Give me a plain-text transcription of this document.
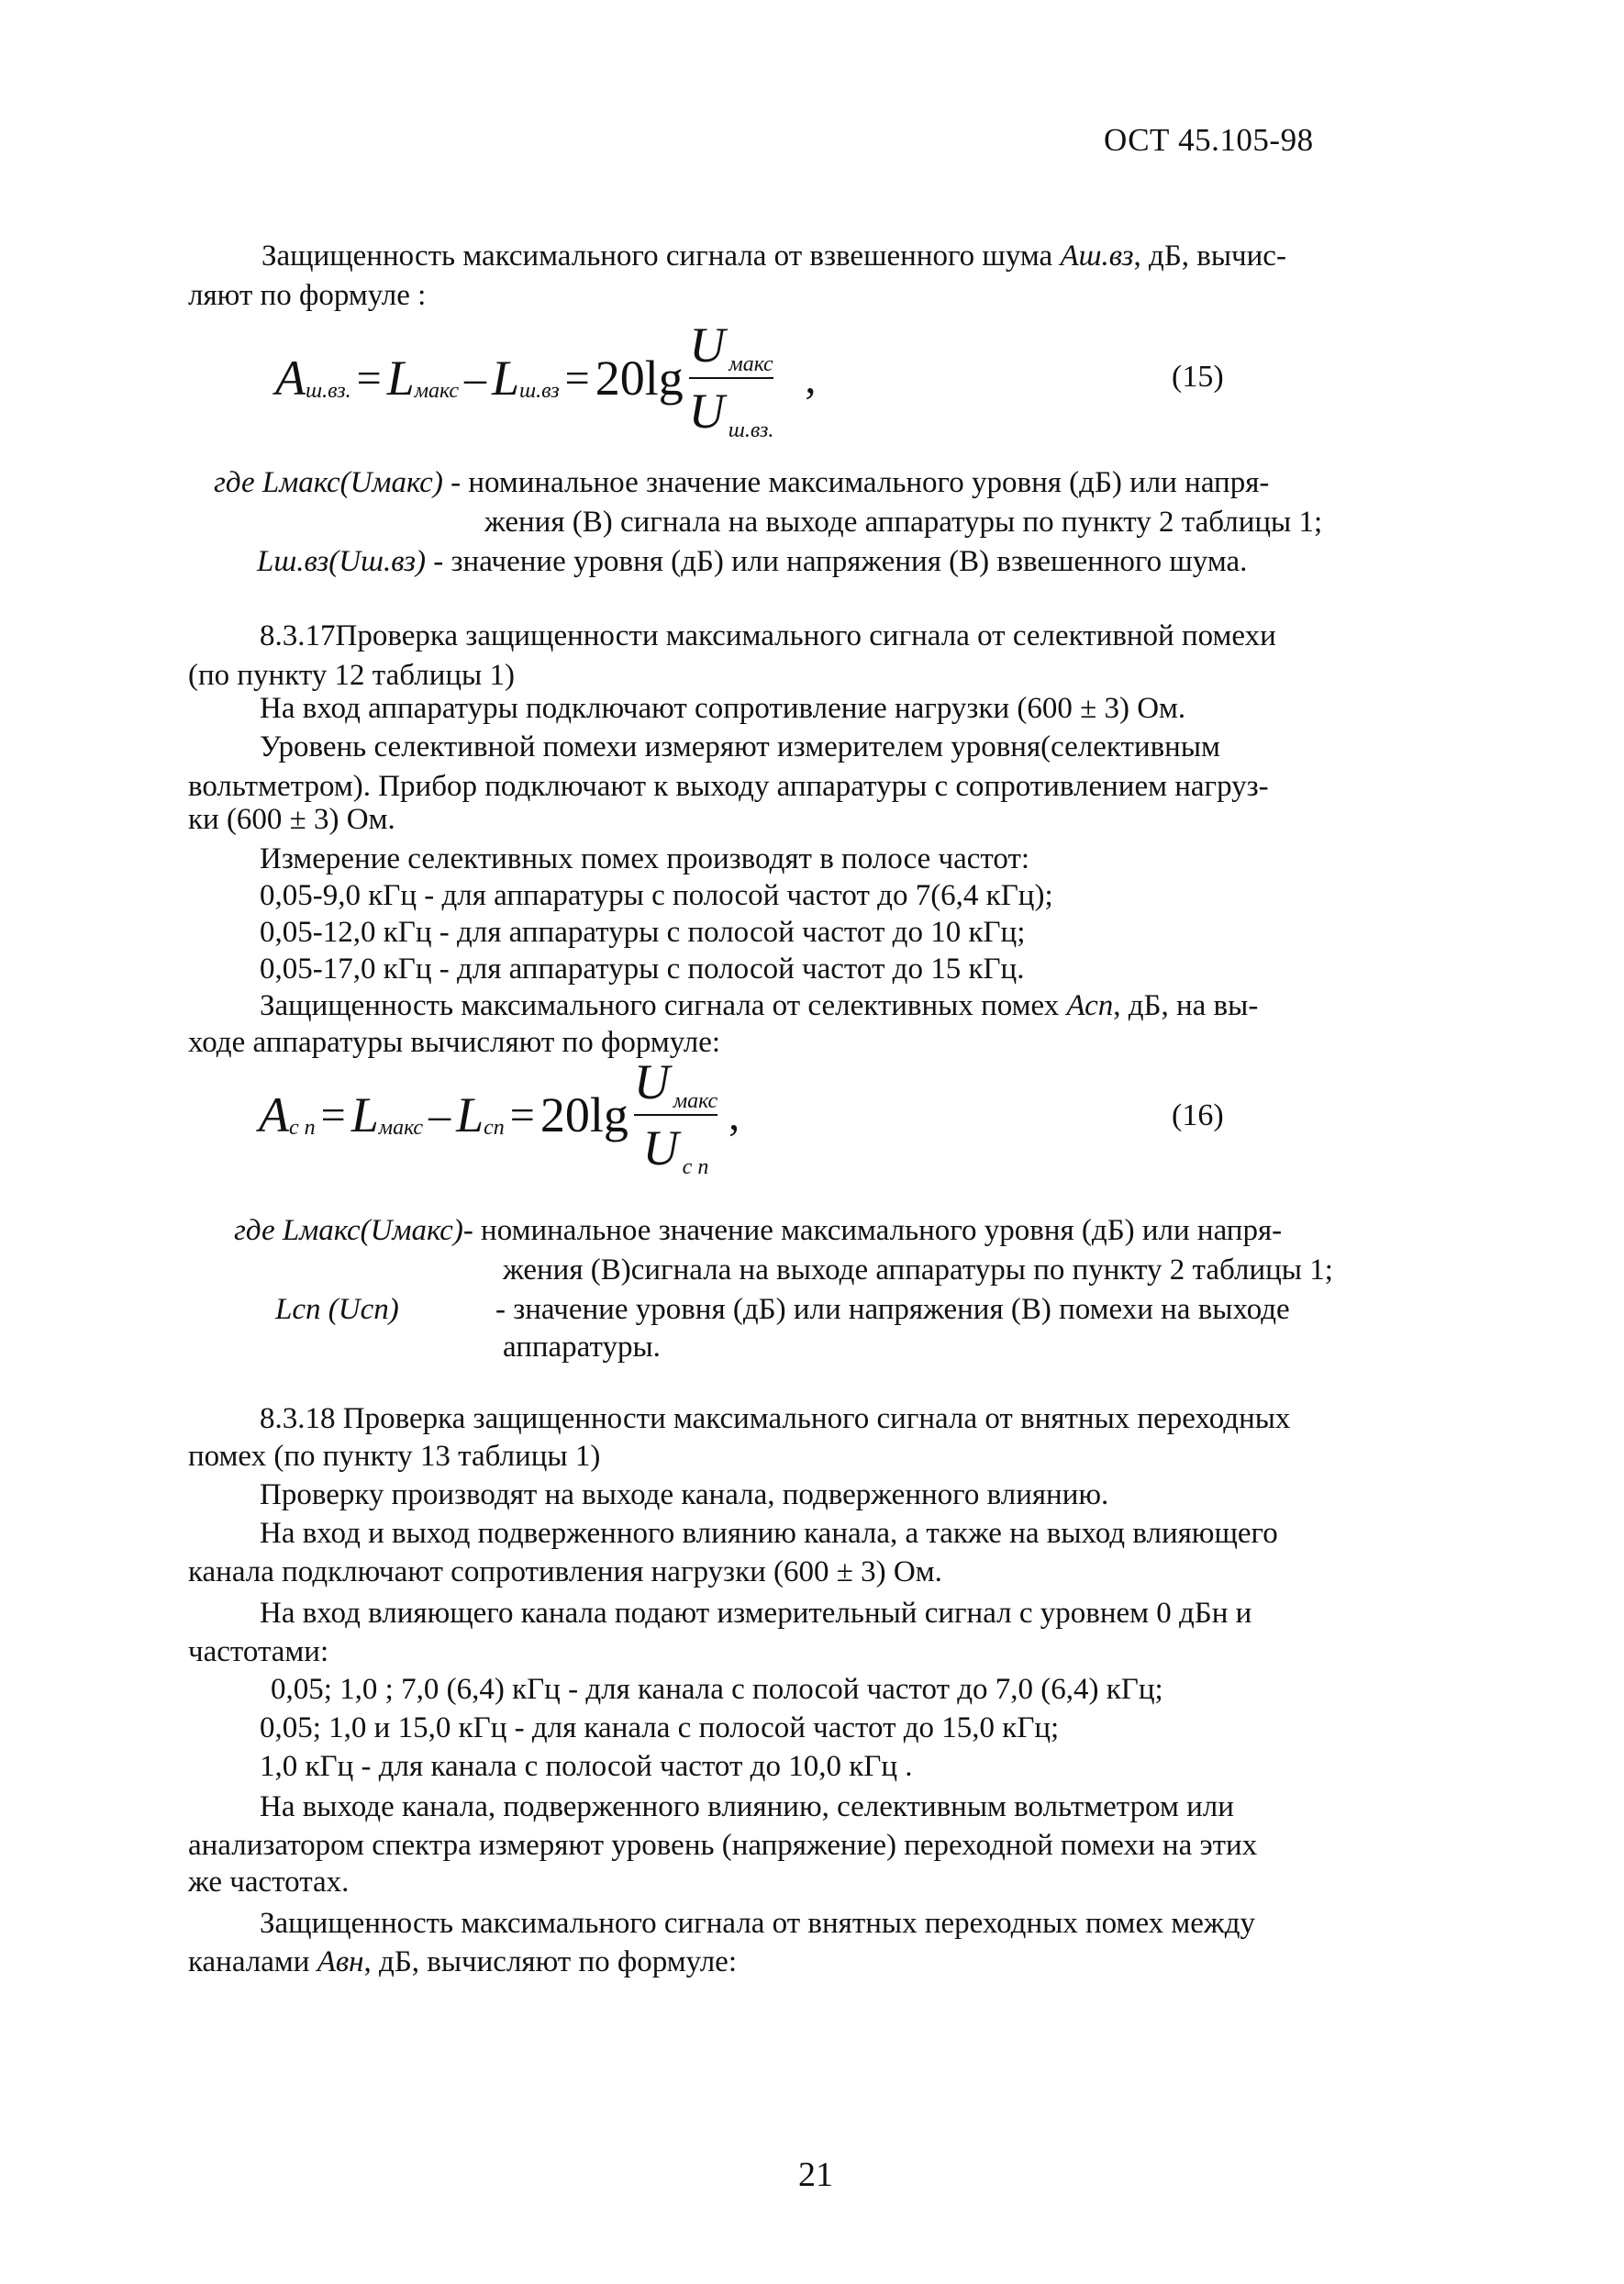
ОСТ 45.105-98
Защищенность максимального сигнала от взвешенного шума Аш.вз, дБ, вычис-
ляют по формуле :
A ш.вз. = L макс – L $ш.вз = 20\lg \frac{\text{U макс}}{\text{U ш.вз.}}$ ,	(15)
где Lмакс(Uмакс) - номинальное значение максимального уровня (дБ) или напря-
жения (В) сигнала на выходе аппаратуры по пункту 2 таблицы 1;
Lш.вз(Uш.вз) - значение уровня (дБ) или напряжения (В) взвешенного шума.
8.3.17Проверка защищенности максимального сигнала от селективной помехи
(по пункту 12 таблицы 1)
На вход аппаратуры подключают сопротивление нагрузки (600 ± 3) Ом.
Уровень селективной помехи измеряют измерителем уровня(селективным
вольтметром). Прибор подключают к выходу аппаратуры с сопротивлением нагруз-
ки (600 ± 3) Ом.
Измерение селективных помех производят в полосе частот:
0,05-9,0 кГц - для аппаратуры с полосой частот до 7(6,4 кГц);
0,05-12,0 кГц - для аппаратуры с полосой частот до 10 кГц;
0,05-17,0 кГц - для аппаратуры с полосой частот до 15 кГц.
Защищенность максимального сигнала от селективных помех Асп, дБ, на вы-
ходе аппаратуры вычисляют по формуле:
A с п = L макс – L сп = $20\lg \frac{\text{U макс}}{\text{U с п}}$ ,	(16)
где Lмакс(Uмакс)- номинальное значение максимального уровня (дБ) или напря-
жения (В)сигнала на выходе аппаратуры по пункту 2 таблицы 1;
Lсп (Uсп)	- значение уровня (дБ) или напряжения (В) помехи на выходе
аппаратуры.
8.3.18 Проверка защищенности максимального сигнала от внятных переходных
помех (по пункту 13 таблицы 1)
Проверку производят на выходе канала, подверженного влиянию.
На вход и выход подверженного влиянию канала, а также на выход влияющего
канала подключают сопротивления нагрузки (600 ± 3) Ом.
На вход влияющего канала подают измерительный сигнал с уровнем 0 дБн и
частотами:
0,05; 1,0 ; 7,0 (6,4) кГц - для канала с полосой частот до 7,0 (6,4) кГц;
0,05; 1,0 и 15,0 кГц - для канала с полосой частот до 15,0 кГц;
1,0 кГц - для канала с полосой частот до 10,0 кГц .
На выходе канала, подверженного влиянию, селективным вольтметром или
анализатором спектра измеряют уровень (напряжение) переходной помехи на этих
же частотах.
Защищенность максимального сигнала от внятных переходных помех между
каналами Авн, дБ, вычисляют по формуле:
21
